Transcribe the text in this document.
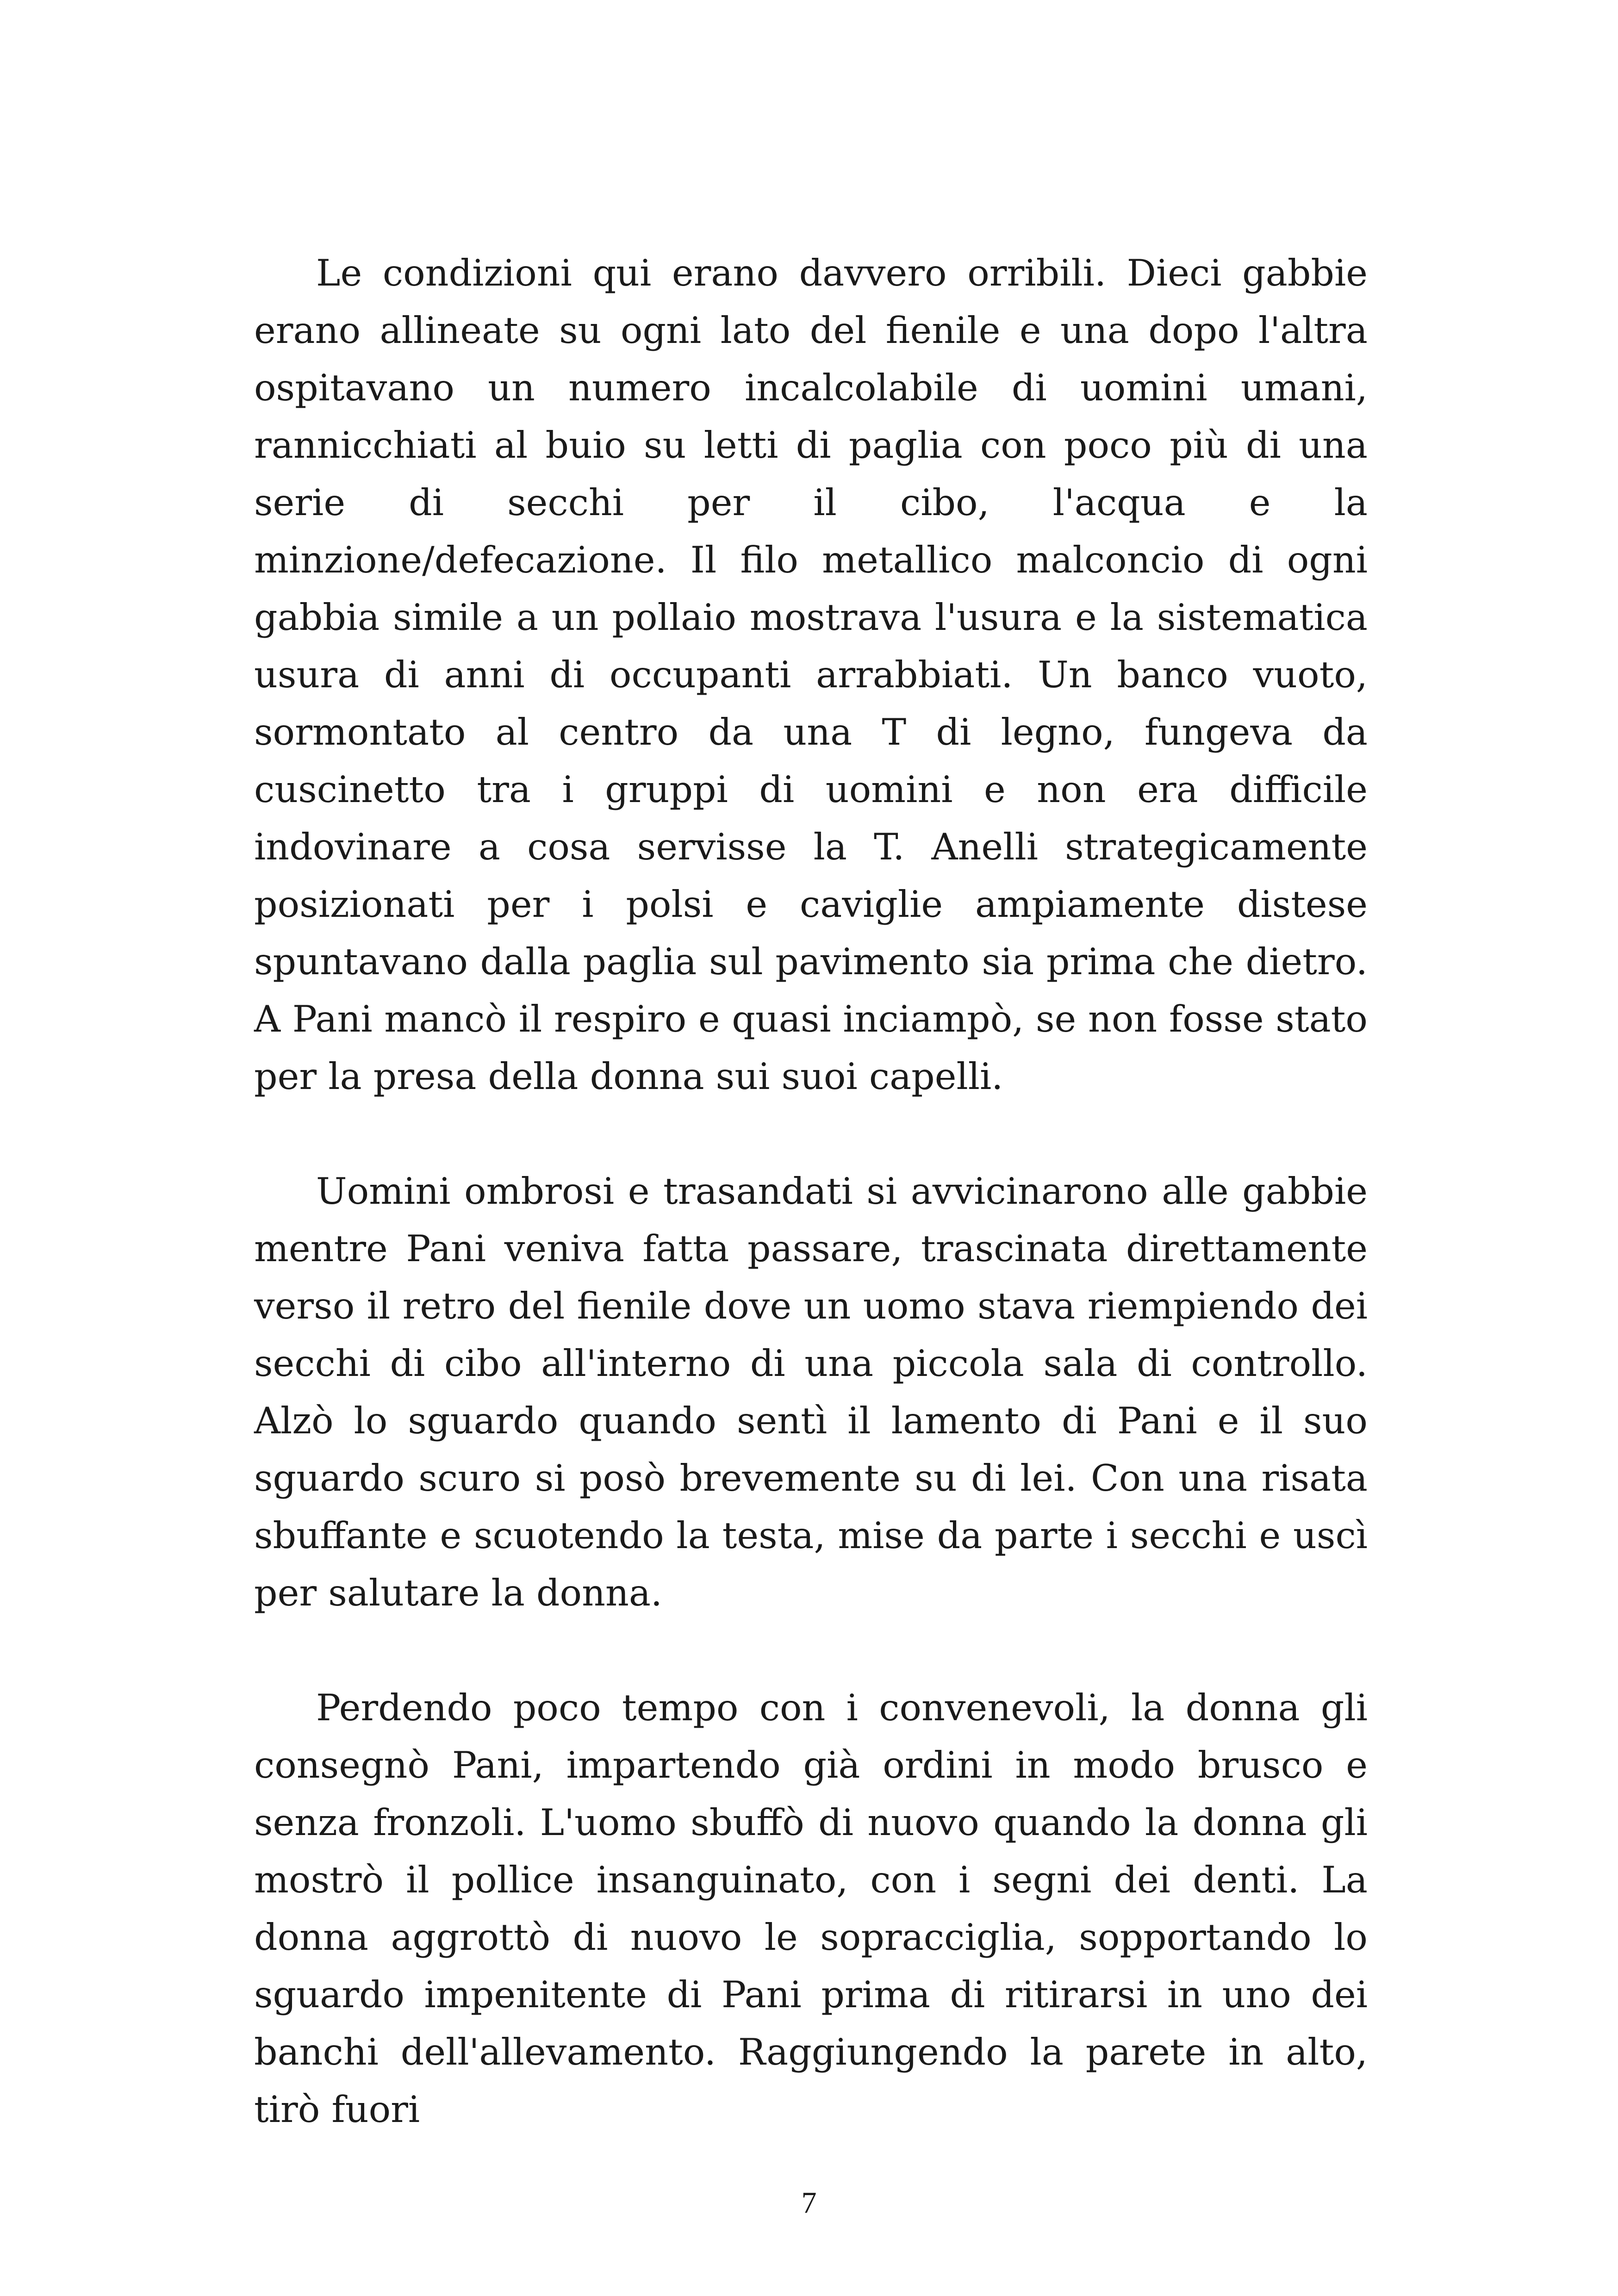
Le condizioni qui erano davvero orribili. Dieci gabbie erano allineate su ogni lato del fienile e una dopo l'altra ospitavano un numero incalcolabile di uomini umani, rannicchiati al buio su letti di paglia con poco più di una serie di secchi per il cibo, l'acqua e la minzione/defecazione. Il filo metallico malconcio di ogni gabbia simile a un pollaio mostrava l'usura e la sistematica usura di anni di occupanti arrabbiati. Un banco vuoto, sormontato al centro da una T di legno, fungeva da cuscinetto tra i gruppi di uomini e non era difficile indovinare a cosa servisse la T. Anelli strategicamente posizionati per i polsi e caviglie ampiamente distese spuntavano dalla paglia sul pavimento sia prima che dietro. A Pani mancò il respiro e quasi inciampò, se non fosse stato per la presa della donna sui suoi capelli.

Uomini ombrosi e trasandati si avvicinarono alle gabbie mentre Pani veniva fatta passare, trascinata direttamente verso il retro del fienile dove un uomo stava riempiendo dei secchi di cibo all'interno di una piccola sala di controllo. Alzò lo sguardo quando sentì il lamento di Pani e il suo sguardo scuro si posò brevemente su di lei. Con una risata sbuffante e scuotendo la testa, mise da parte i secchi e uscì per salutare la donna.

Perdendo poco tempo con i convenevoli, la donna gli consegnò Pani, impartendo già ordini in modo brusco e senza fronzoli. L'uomo sbuffò di nuovo quando la donna gli mostrò il pollice insanguinato, con i segni dei denti. La donna aggrottò di nuovo le sopracciglia, sopportando lo sguardo impenitente di Pani prima di ritirarsi in uno dei banchi dell'allevamento. Raggiungendo la parete in alto, tirò fuori

7
